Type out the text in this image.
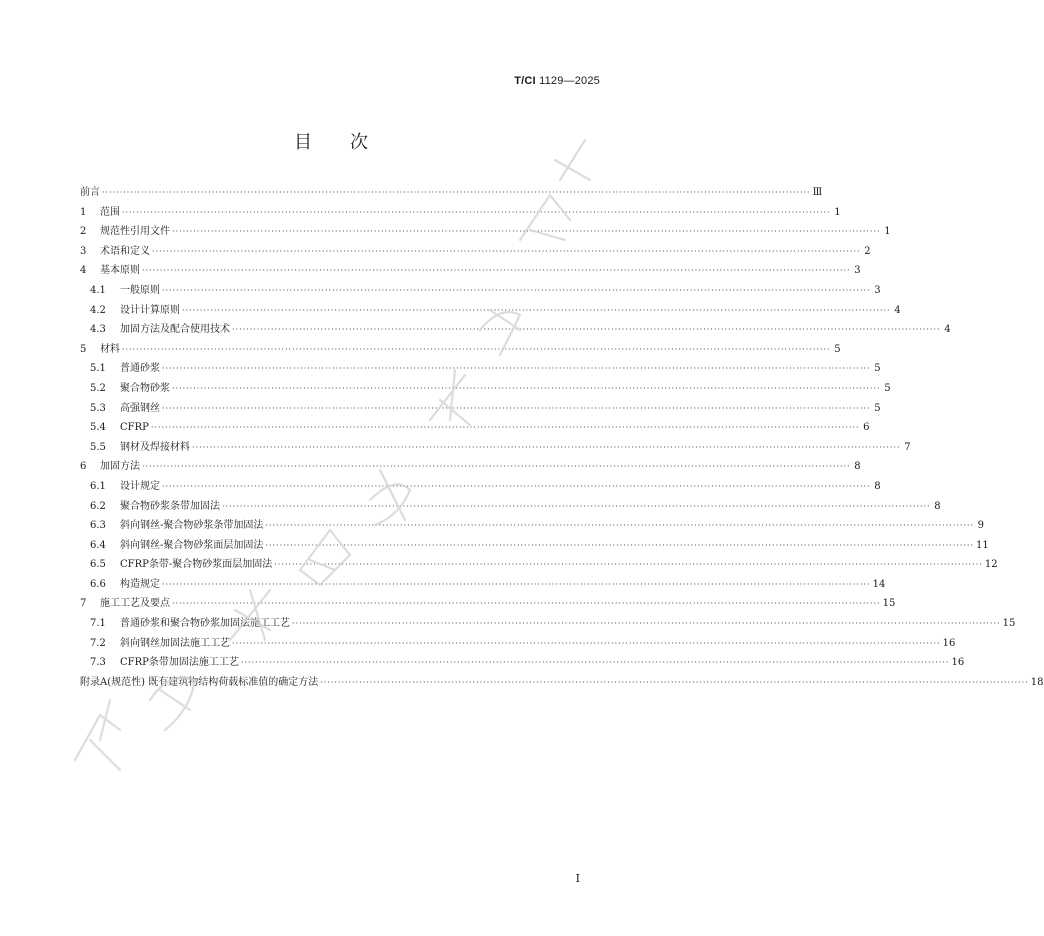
T/CI 1129—2025
目次
前言 ········································································································································································································ Ⅲ
1	范围 ········································································································································································································ 1
2	规范性引用文件 ········································································································································································································ 1
3	术语和定义 ········································································································································································································ 2
4	基本原则 ········································································································································································································ 3
4.1	一般原则 ········································································································································································································ 3
4.2	设计计算原则 ········································································································································································································ 4
4.3	加固方法及配合使用技术 ········································································································································································································ 4
5	材料 ········································································································································································································ 5
5.1	普通砂浆 ········································································································································································································ 5
5.2	聚合物砂浆 ········································································································································································································ 5
5.3	高强钢丝 ········································································································································································································ 5
5.4	CFRP ········································································································································································································ 6
5.5	钢材及焊接材料 ········································································································································································································ 7
6	加固方法 ········································································································································································································ 8
6.1	设计规定 ········································································································································································································ 8
6.2	聚合物砂浆条带加固法 ········································································································································································································ 8
6.3	斜向钢丝-聚合物砂浆条带加固法 ········································································································································································································ 9
6.4	斜向钢丝-聚合物砂浆面层加固法 ········································································································································································································ 11
6.5	CFRP条带-聚合物砂浆面层加固法 ········································································································································································································ 12
6.6	构造规定 ········································································································································································································ 14
7	施工工艺及要点 ········································································································································································································ 15
7.1	普通砂浆和聚合物砂浆加固法施工工艺 ········································································································································································································ 15
7.2	斜向钢丝加固法施工工艺 ········································································································································································································ 16
7.3	CFRP条带加固法施工工艺 ········································································································································································································ 16
附录A(规范性) 既有建筑物结构荷载标准值的确定方法 ········································································································································································································ 18
I
